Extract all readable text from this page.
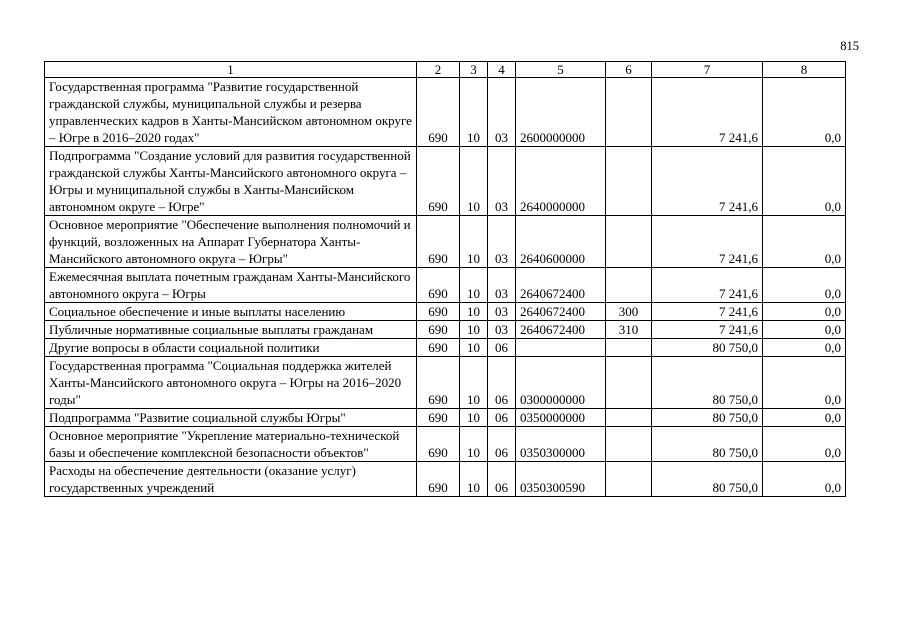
815
1	2	3	4	5	6	7	8
Государственная программа "Развитие государственной гражданской службы, муниципальной службы и резерва управленческих кадров в Ханты-Мансийском автономном округе – Югре в 2016–2020 годах"	690	10	03	2600000000		7 241,6	0,0
Подпрограмма "Создание условий для развития государственной гражданской службы Ханты-Мансийского автономного округа – Югры и муниципальной службы в Ханты-Мансийском автономном округе – Югре"	690	10	03	2640000000		7 241,6	0,0
Основное мероприятие "Обеспечение выполнения полномочий и функций, возложенных на Аппарат Губернатора Ханты-Мансийского автономного округа – Югры"	690	10	03	2640600000		7 241,6	0,0
Ежемесячная выплата почетным гражданам Ханты-Мансийского автономного округа – Югры	690	10	03	2640672400		7 241,6	0,0
Социальное обеспечение и иные выплаты населению	690	10	03	2640672400	300	7 241,6	0,0
Публичные нормативные социальные выплаты гражданам	690	10	03	2640672400	310	7 241,6	0,0
Другие вопросы в области социальной политики	690	10	06			80 750,0	0,0
Государственная программа "Социальная поддержка жителей Ханты-Мансийского автономного округа – Югры на 2016–2020 годы"	690	10	06	0300000000		80 750,0	0,0
Подпрограмма "Развитие социальной службы Югры"	690	10	06	0350000000		80 750,0	0,0
Основное мероприятие "Укрепление материально-технической базы и обеспечение комплексной безопасности объектов"	690	10	06	0350300000		80 750,0	0,0
Расходы на обеспечение деятельности (оказание услуг) государственных учреждений	690	10	06	0350300590		80 750,0	0,0
